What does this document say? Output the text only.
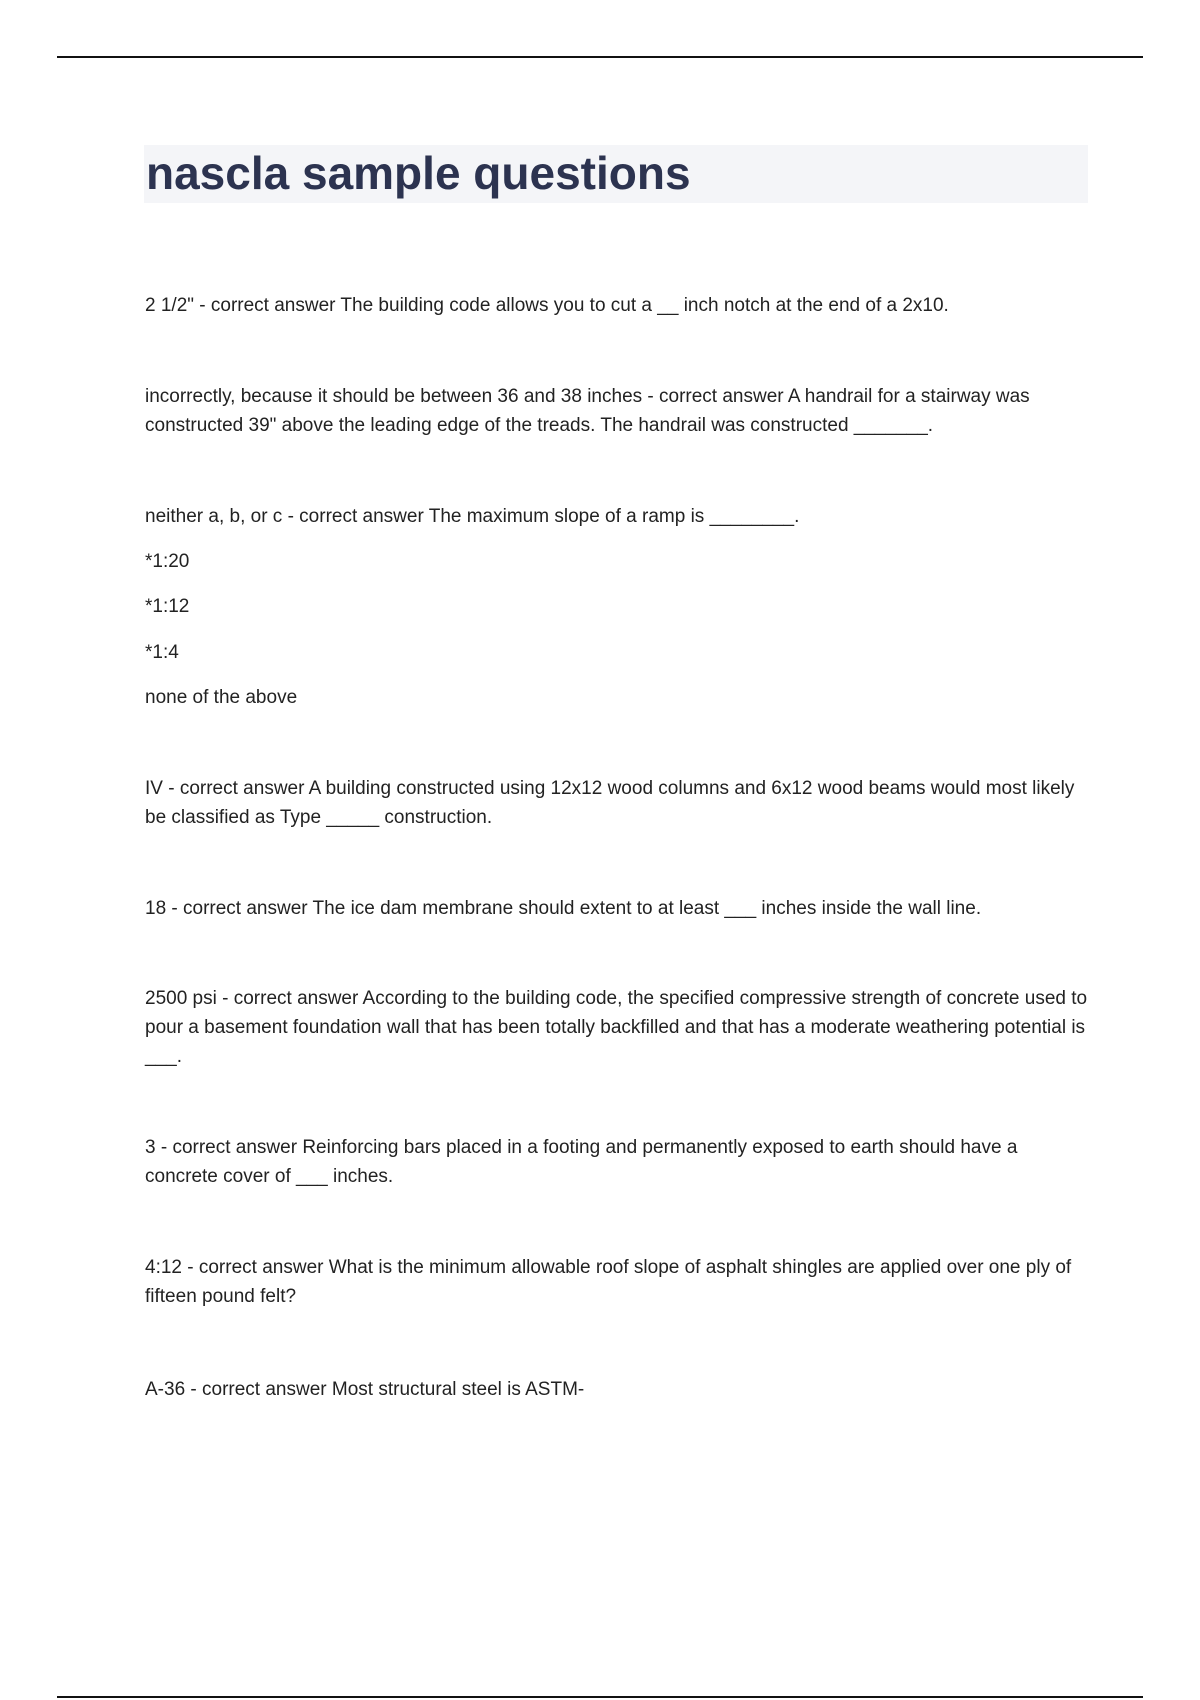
nascla sample questions

2 1/2" - correct answer The building code allows you to cut a __ inch notch at the end of a 2x10.

incorrectly, because it should be between 36 and 38 inches - correct answer A handrail for a stairway was constructed 39" above the leading edge of the treads. The handrail was constructed _______.

neither a, b, or c - correct answer The maximum slope of a ramp is ________.

*1:20

*1:12

*1:4

none of the above

IV - correct answer A building constructed using 12x12 wood columns and 6x12 wood beams would most likely be classified as Type _____ construction.

18 - correct answer The ice dam membrane should extent to at least ___ inches inside the wall line.

2500 psi - correct answer According to the building code, the specified compressive strength of concrete used to pour a basement foundation wall that has been totally backfilled and that has a moderate weathering potential is ___.

3 - correct answer Reinforcing bars placed in a footing and permanently exposed to earth should have a concrete cover of ___ inches.

4:12 - correct answer What is the minimum allowable roof slope of asphalt shingles are applied over one ply of fifteen pound felt?

A-36 - correct answer Most structural steel is ASTM-
